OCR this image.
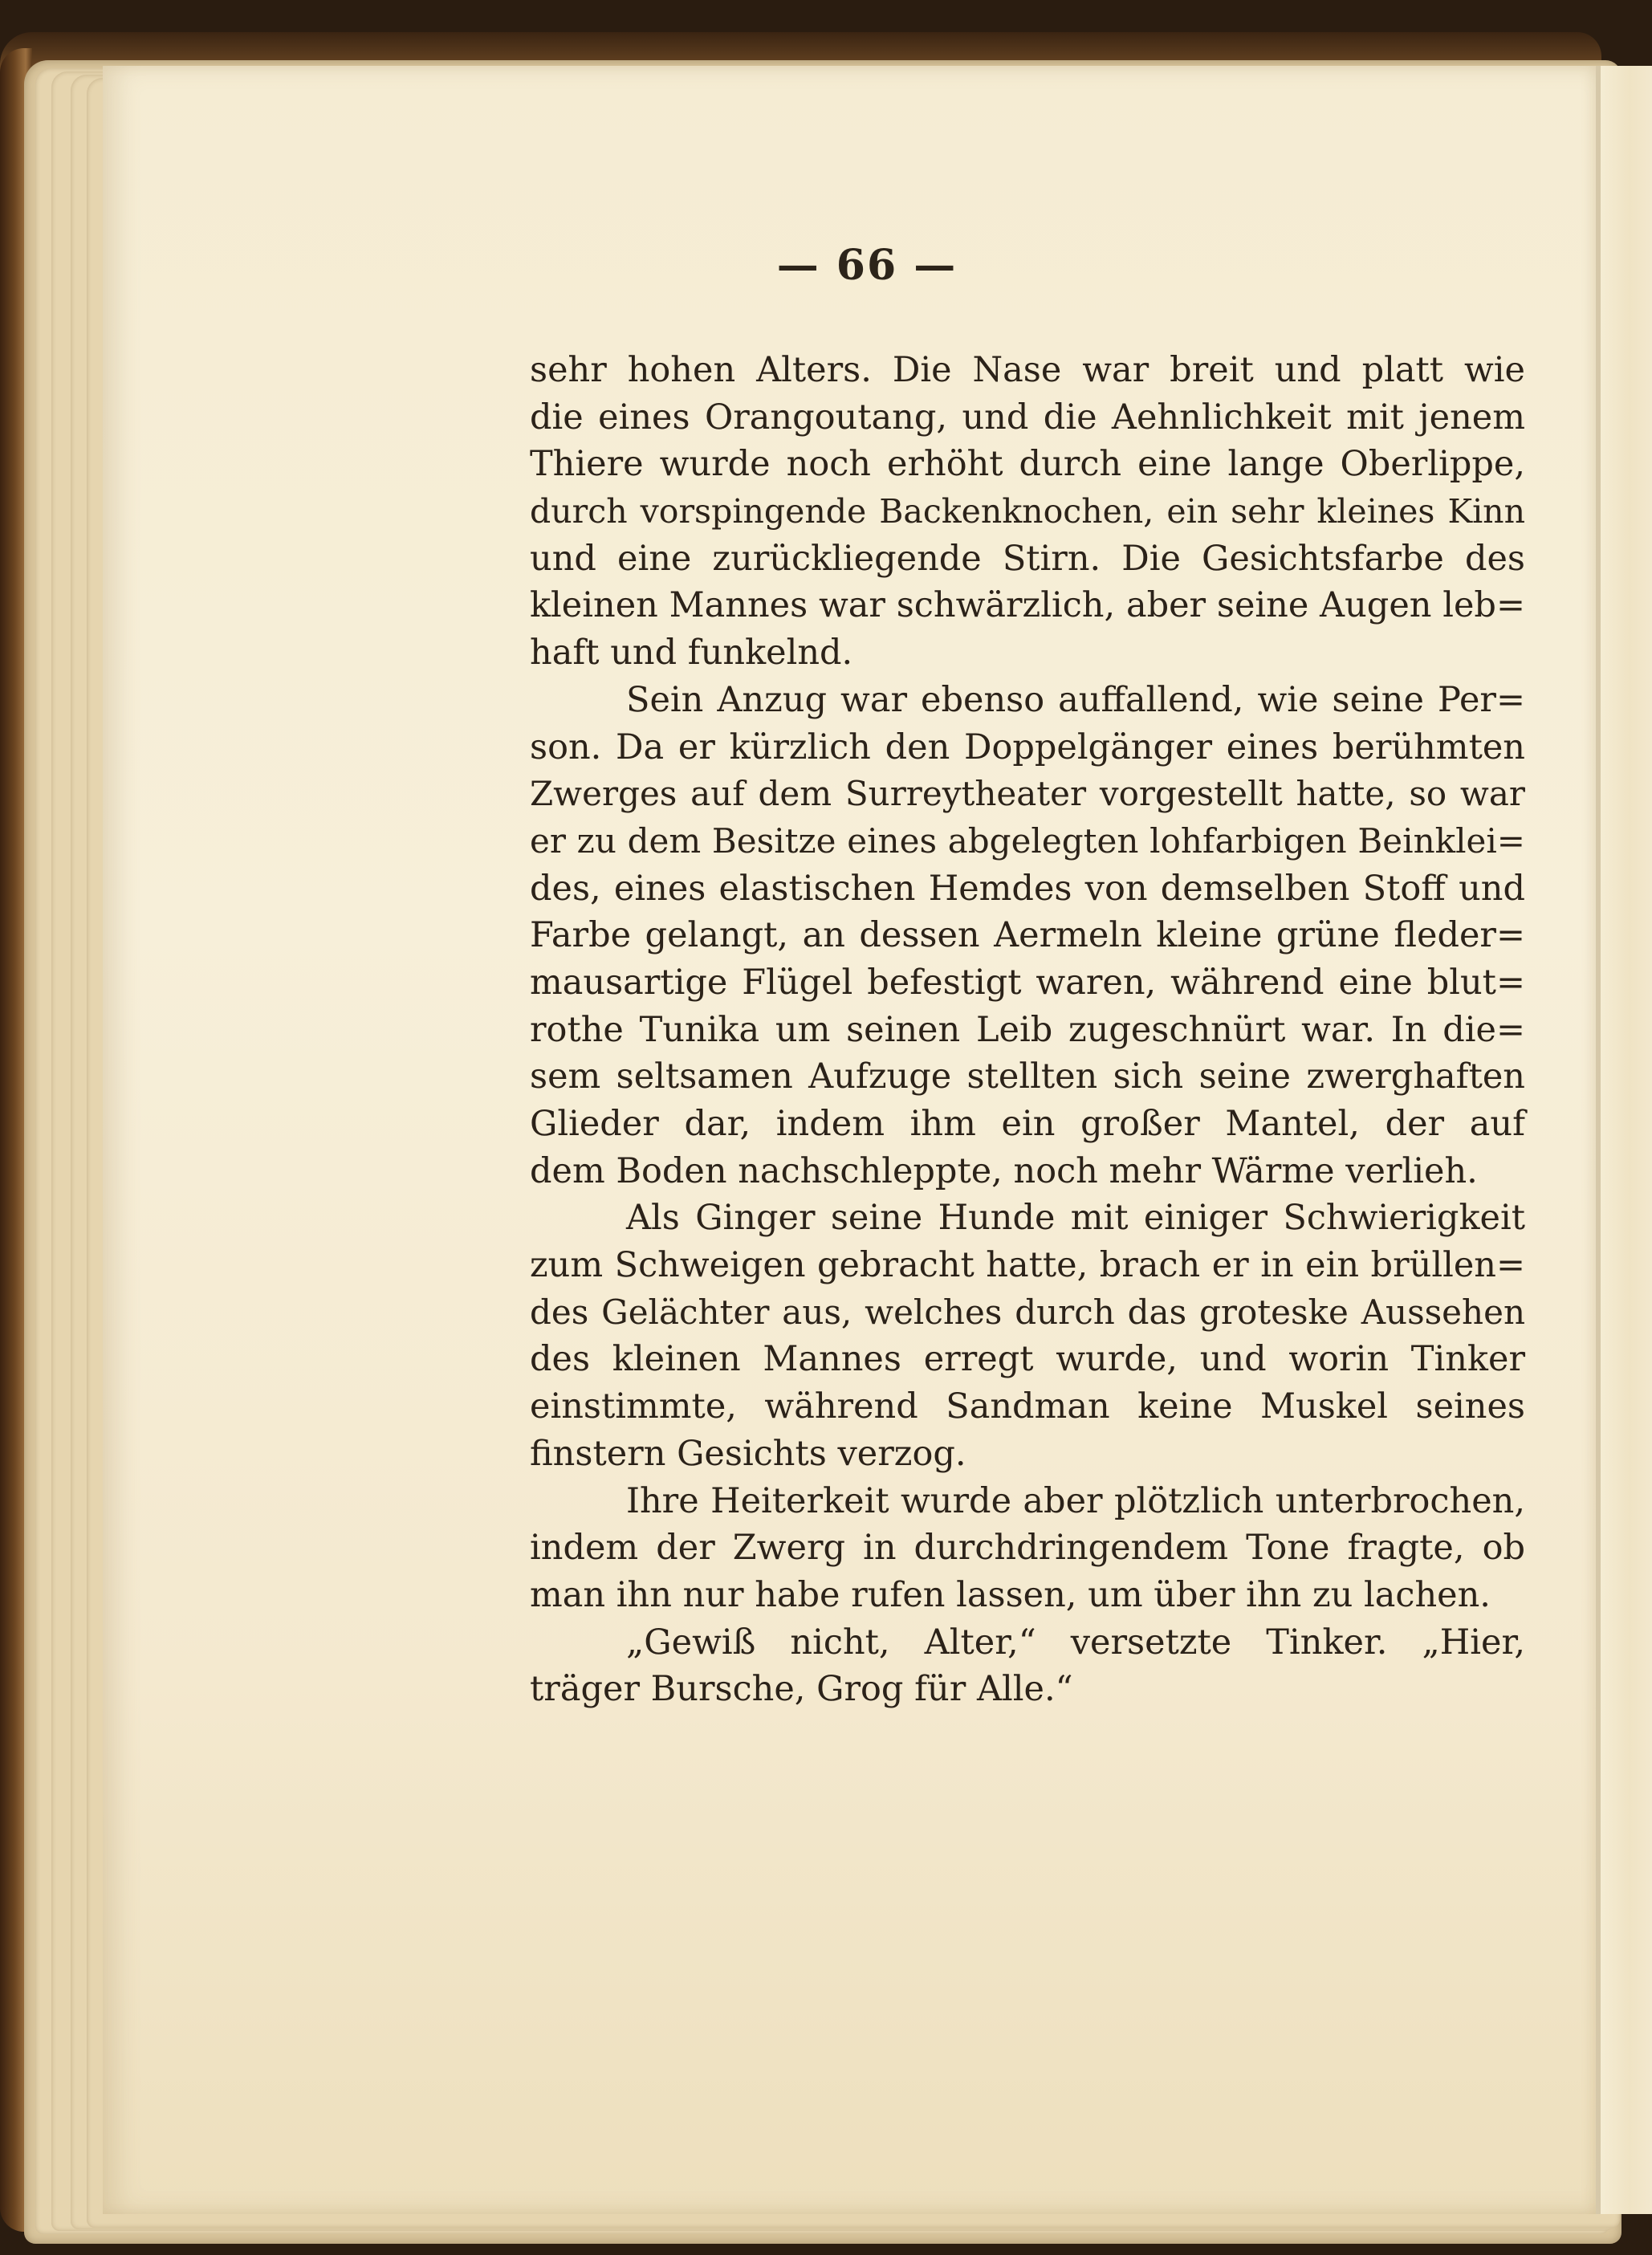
— 66 —
sehr hohen Alters. Die Nase war breit und platt wie
die eines Orangoutang, und die Aehnlichkeit mit jenem
Thiere wurde noch erhöht durch eine lange Oberlippe,
durch vorspingende Backenknochen, ein sehr kleines Kinn
und eine zurückliegende Stirn. Die Gesichtsfarbe des
kleinen Mannes war schwärzlich, aber seine Augen leb=
haft und funkelnd.
Sein Anzug war ebenso auffallend, wie seine Per=
son. Da er kürzlich den Doppelgänger eines berühmten
Zwerges auf dem Surreytheater vorgestellt hatte, so war
er zu dem Besitze eines abgelegten lohfarbigen Beinklei=
des, eines elastischen Hemdes von demselben Stoff und
Farbe gelangt, an dessen Aermeln kleine grüne fleder=
mausartige Flügel befestigt waren, während eine blut=
rothe Tunika um seinen Leib zugeschnürt war. In die=
sem seltsamen Aufzuge stellten sich seine zwerghaften
Glieder dar, indem ihm ein großer Mantel, der auf
dem Boden nachschleppte, noch mehr Wärme verlieh.
Als Ginger seine Hunde mit einiger Schwierigkeit
zum Schweigen gebracht hatte, brach er in ein brüllen=
des Gelächter aus, welches durch das groteske Aussehen
des kleinen Mannes erregt wurde, und worin Tinker
einstimmte, während Sandman keine Muskel seines
finstern Gesichts verzog.
Ihre Heiterkeit wurde aber plötzlich unterbrochen,
indem der Zwerg in durchdringendem Tone fragte, ob
man ihn nur habe rufen lassen, um über ihn zu lachen.
„Gewiß nicht, Alter,“ versetzte Tinker. „Hier,
träger Bursche, Grog für Alle.“
